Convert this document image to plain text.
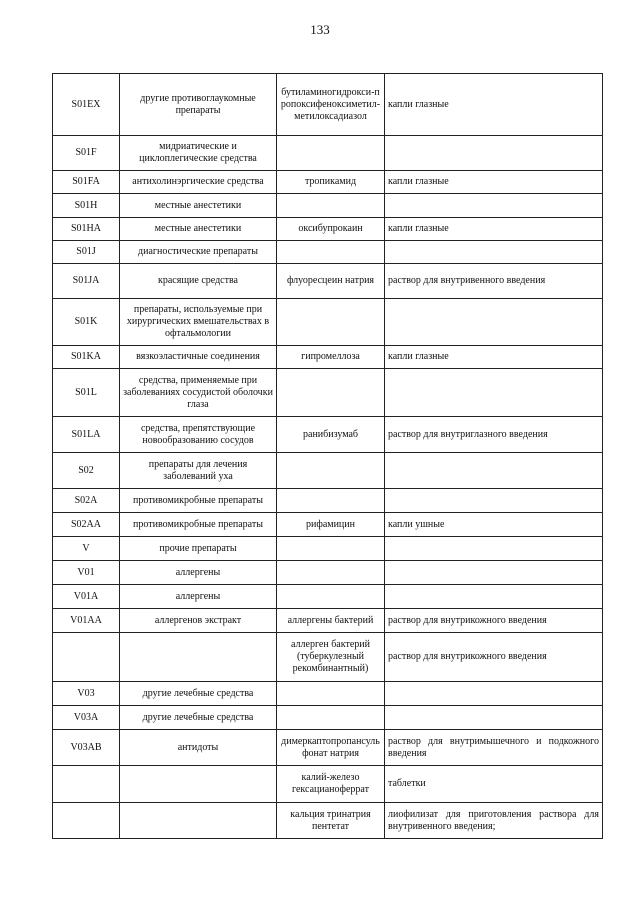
133
S01EX	другие противоглаукомные препараты	бутиламиногидрокси-пропоксифеноксиметил-метилоксадиазол	капли глазные
S01F	мидриатические и циклоплегические средства		
S01FA	антихолинэргические средства	тропикамид	капли глазные
S01H	местные анестетики		
S01HA	местные анестетики	оксибупрокаин	капли глазные
S01J	диагностические препараты		
S01JA	красящие средства	флуоресцеин натрия	раствор для внутривенного введения
S01K	препараты, используемые при хирургических вмешательствах в офтальмологии		
S01KA	вязкоэластичные соединения	гипромеллоза	капли глазные
S01L	средства, применяемые при заболеваниях сосудистой оболочки глаза		
S01LA	средства, препятствующие новообразованию сосудов	ранибизумаб	раствор для внутриглазного введения
S02	препараты для лечения заболеваний уха		
S02A	противомикробные препараты		
S02AA	противомикробные препараты	рифамицин	капли ушные
V	прочие препараты		
V01	аллергены		
V01A	аллергены		
V01AA	аллергенов экстракт	аллергены бактерий	раствор для внутрикожного введения
		аллерген бактерий (туберкулезный рекомбинантный)	раствор для внутрикожного введения
V03	другие лечебные средства		
V03A	другие лечебные средства		
V03AB	антидоты	димеркаптопропансульфонат натрия	раствор для внутримышечного и подкожного введения
		калий-железо гексацианоферрат	таблетки
		кальция тринатрия пентетат	лиофилизат для приготовления раствора для внутривенного введения;
